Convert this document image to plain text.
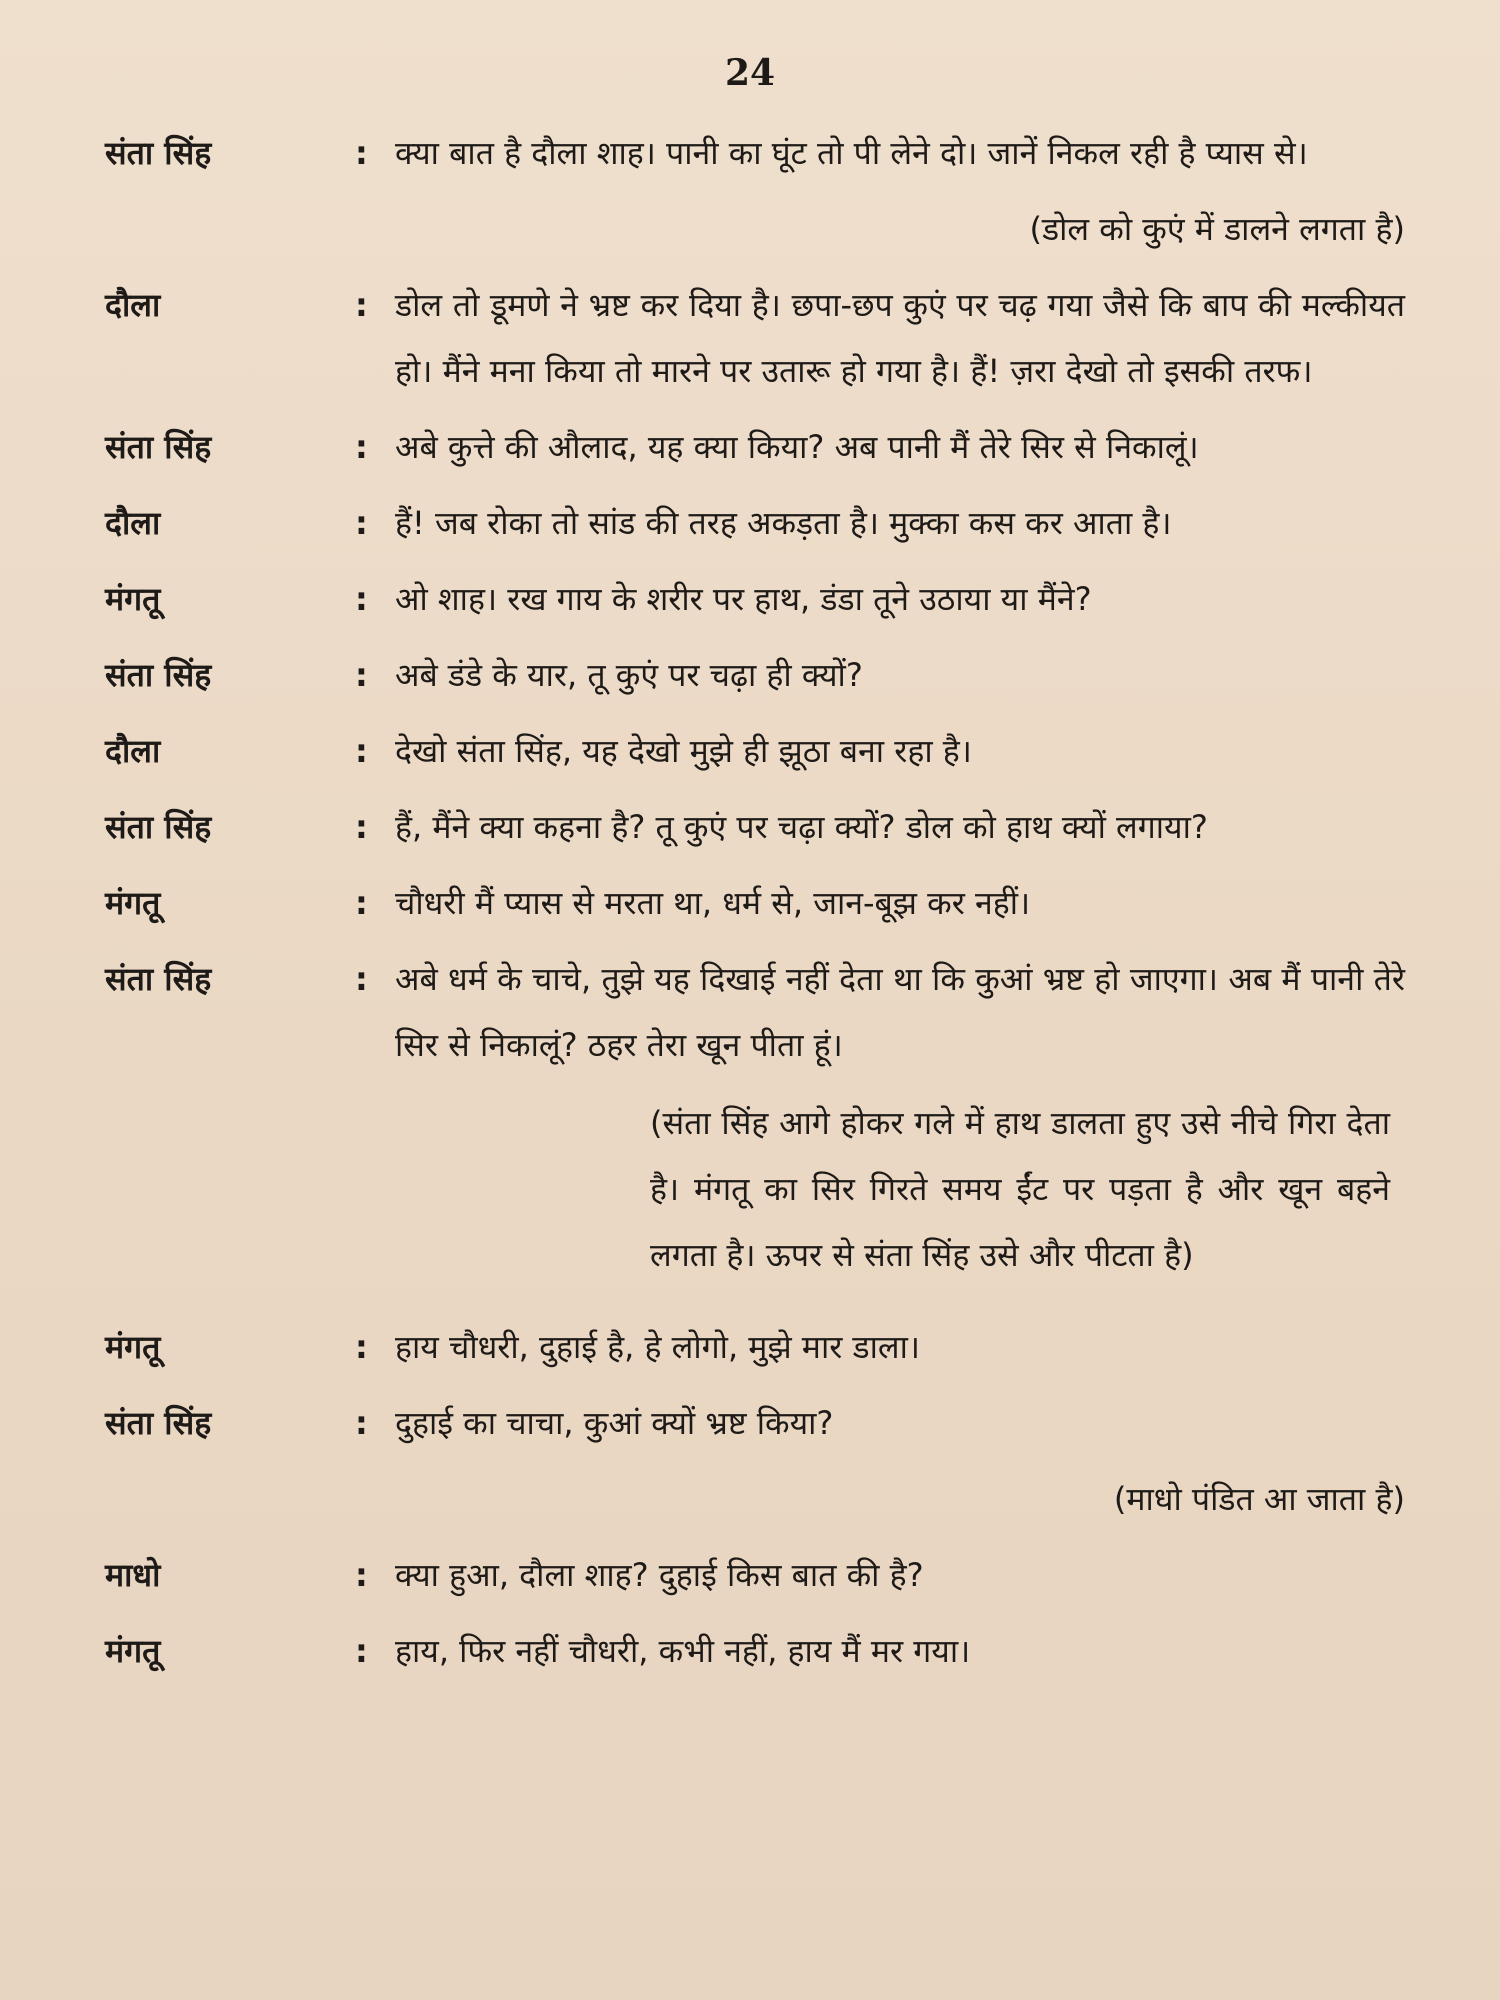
24
संता सिंह	: क्या बात है दौला शाह। पानी का घूंट तो पी लेने दो। जानें निकल रही है प्यास से।
(डोल को कुएं में डालने लगता है)
दौला	: डोल तो डूमणे ने भ्रष्ट कर दिया है। छपा-छप कुएं पर चढ़ गया जैसे कि बाप की मल्कीयत हो। मैंने मना किया तो मारने पर उतारू हो गया है। हैं! ज़रा देखो तो इसकी तरफ।
संता सिंह	: अबे कुत्ते की औलाद, यह क्या किया? अब पानी मैं तेरे सिर से निकालूं।
दौला	: हैं! जब रोका तो सांड की तरह अकड़ता है। मुक्का कस कर आता है।
मंगतू	: ओ शाह। रख गाय के शरीर पर हाथ, डंडा तूने उठाया या मैंने?
संता सिंह	: अबे डंडे के यार, तू कुएं पर चढ़ा ही क्यों?
दौला	: देखो संता सिंह, यह देखो मुझे ही झूठा बना रहा है।
संता सिंह	: हैं, मैंने क्या कहना है? तू कुएं पर चढ़ा क्यों? डोल को हाथ क्यों लगाया?
मंगतू	: चौधरी मैं प्यास से मरता था, धर्म से, जान-बूझ कर नहीं।
संता सिंह	: अबे धर्म के चाचे, तुझे यह दिखाई नहीं देता था कि कुआं भ्रष्ट हो जाएगा। अब मैं पानी तेरे सिर से निकालूं? ठहर तेरा खून पीता हूं।
(संता सिंह आगे होकर गले में हाथ डालता हुए उसे नीचे गिरा देता है। मंगतू का सिर गिरते समय ईंट पर पड़ता है और खून बहने लगता है। ऊपर से संता सिंह उसे और पीटता है)
मंगतू	: हाय चौधरी, दुहाई है, हे लोगो, मुझे मार डाला।
संता सिंह	: दुहाई का चाचा, कुआं क्यों भ्रष्ट किया?
(माधो पंडित आ जाता है)
माधो	: क्या हुआ, दौला शाह? दुहाई किस बात की है?
मंगतू	: हाय, फिर नहीं चौधरी, कभी नहीं, हाय मैं मर गया।
